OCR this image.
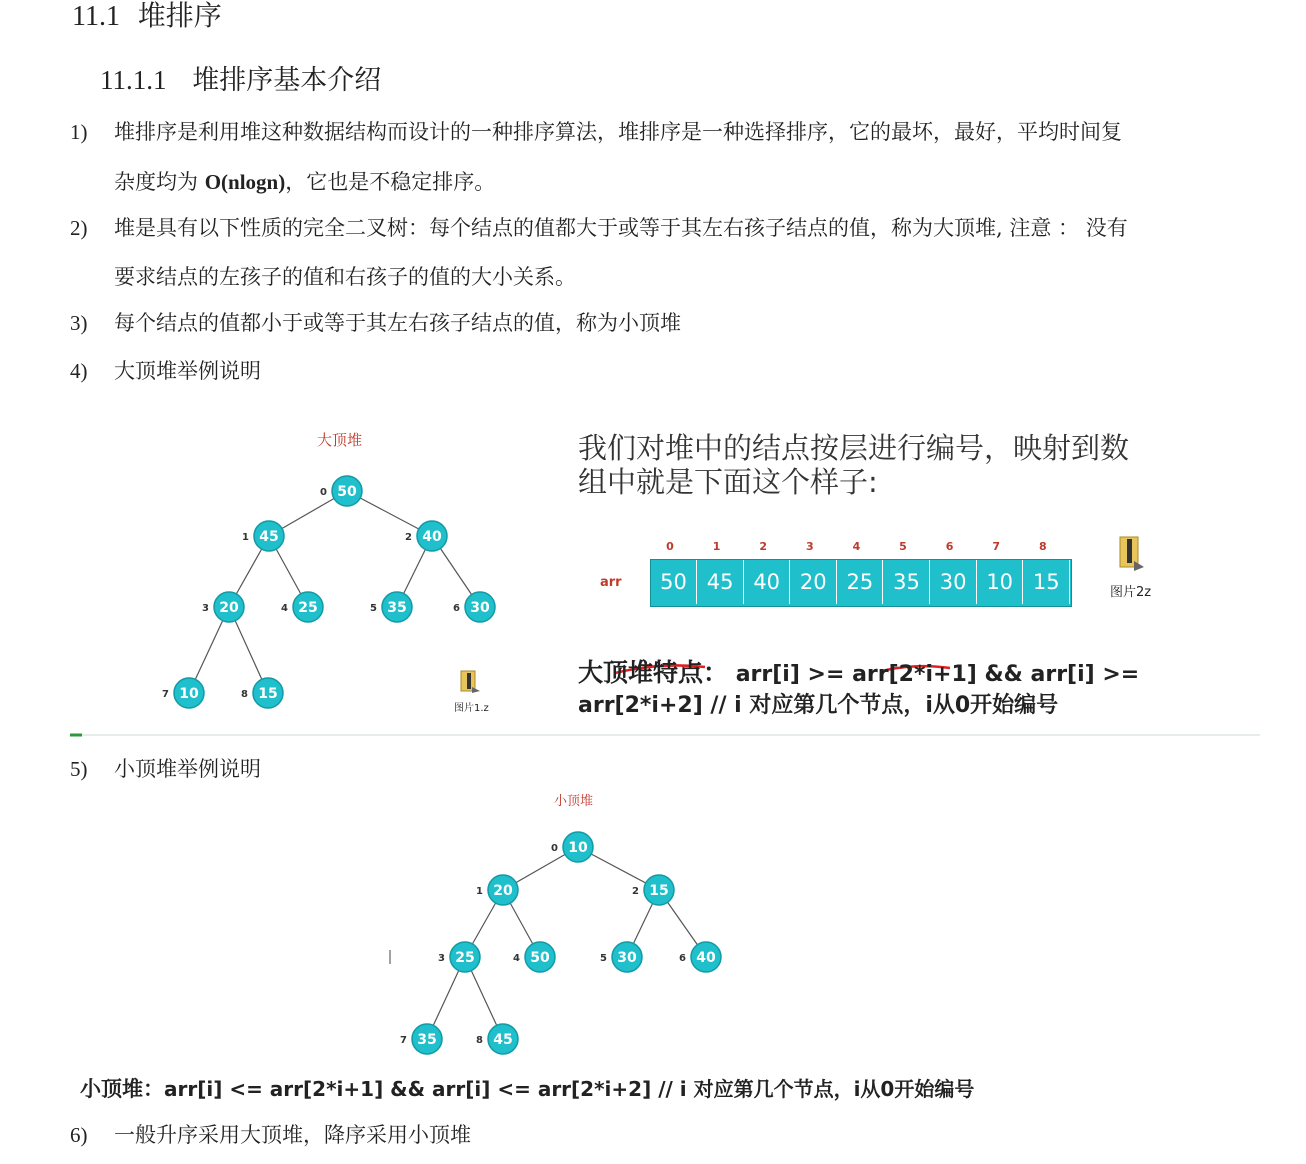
11.1 堆排序
11.1.1 堆排序基本介绍
1) 堆排序是利用堆这种数据结构而设计的一种排序算法，堆排序是一种选择排序，它的最坏，最好，平均时间复
杂度均为 O(nlogn)，它也是不稳定排序。
2) 堆是具有以下性质的完全二叉树：每个结点的值都大于或等于其左右孩子结点的值，称为大顶堆, 注意 ： 没有
要求结点的左孩子的值和右孩子的值的大小关系。
3) 每个结点的值都小于或等于其左右孩子结点的值，称为小顶堆
4) 大顶堆举例说明
50
0
45
1	40
2
20
3	25
4	35
5	30
6
10
7	15
8
0	1	2	3	4	5	6	7	8
大顶堆
图片1.z
我们对堆中的结点按层进行编号，映射到数
组中就是下面这个样子:
arr	50 45 40 20 25 35 30 10 15	图片2z
大顶堆特点： arr[i] >= arr[2*i+1] && arr[i] >=
arr[2*i+2] // i 对应第几个节点，i从0开始编号
5) 小顶堆举例说明
10
0
20
1	15
2
25
3	50
4	30
5	40
6
35
7	45
8
小顶堆
小顶堆：arr[i] <= arr[2*i+1] && arr[i] <= arr[2*i+2] // i 对应第几个节点，i从0开始编号
6) 一般升序采用大顶堆，降序采用小顶堆
